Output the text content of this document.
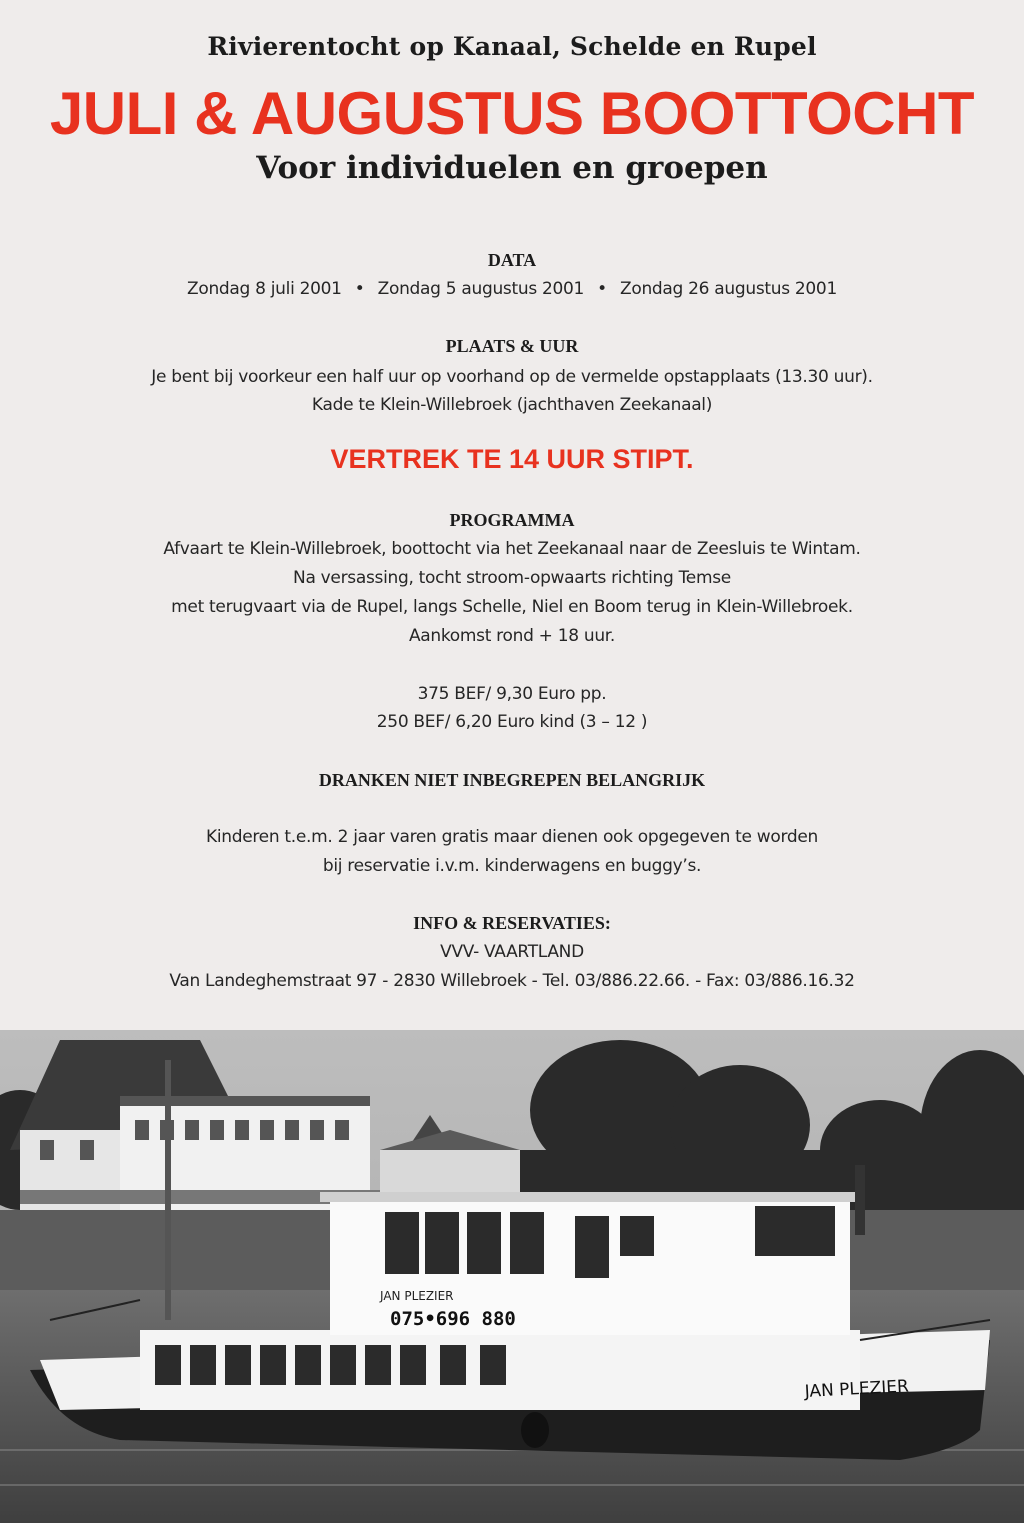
Rivierentocht op Kanaal, Schelde en Rupel
JULI & AUGUSTUS BOOTTOCHT
Voor individuelen en groepen
DATA
Zondag 8 juli 2001 • Zondag 5 augustus 2001 • Zondag 26 augustus 2001
PLAATS & UUR
Je bent bij voorkeur een half uur op voorhand op de vermelde opstapplaats (13.30 uur).
Kade te Klein-Willebroek (jachthaven Zeekanaal)
VERTREK TE 14 UUR STIPT.
PROGRAMMA
Afvaart te Klein-Willebroek, boottocht via het Zeekanaal naar de Zeesluis te Wintam.
Na versassing, tocht stroom-opwaarts richting Temse
met terugvaart via de Rupel, langs Schelle, Niel en Boom terug in Klein-Willebroek.
Aankomst rond + 18 uur.
375 BEF/ 9,30 Euro pp.
250 BEF/ 6,20 Euro kind (3 – 12 )
DRANKEN NIET INBEGREPEN BELANGRIJK
Kinderen t.e.m. 2 jaar varen gratis maar dienen ook opgegeven te worden
bij reservatie i.v.m. kinderwagens en buggy’s.
INFO & RESERVATIES:
VVV- VAARTLAND
Van Landeghemstraat 97 - 2830 Willebroek - Tel. 03/886.22.66. - Fax: 03/886.16.32
JAN PLEZIER
075•696 880
JAN PLEZIER
